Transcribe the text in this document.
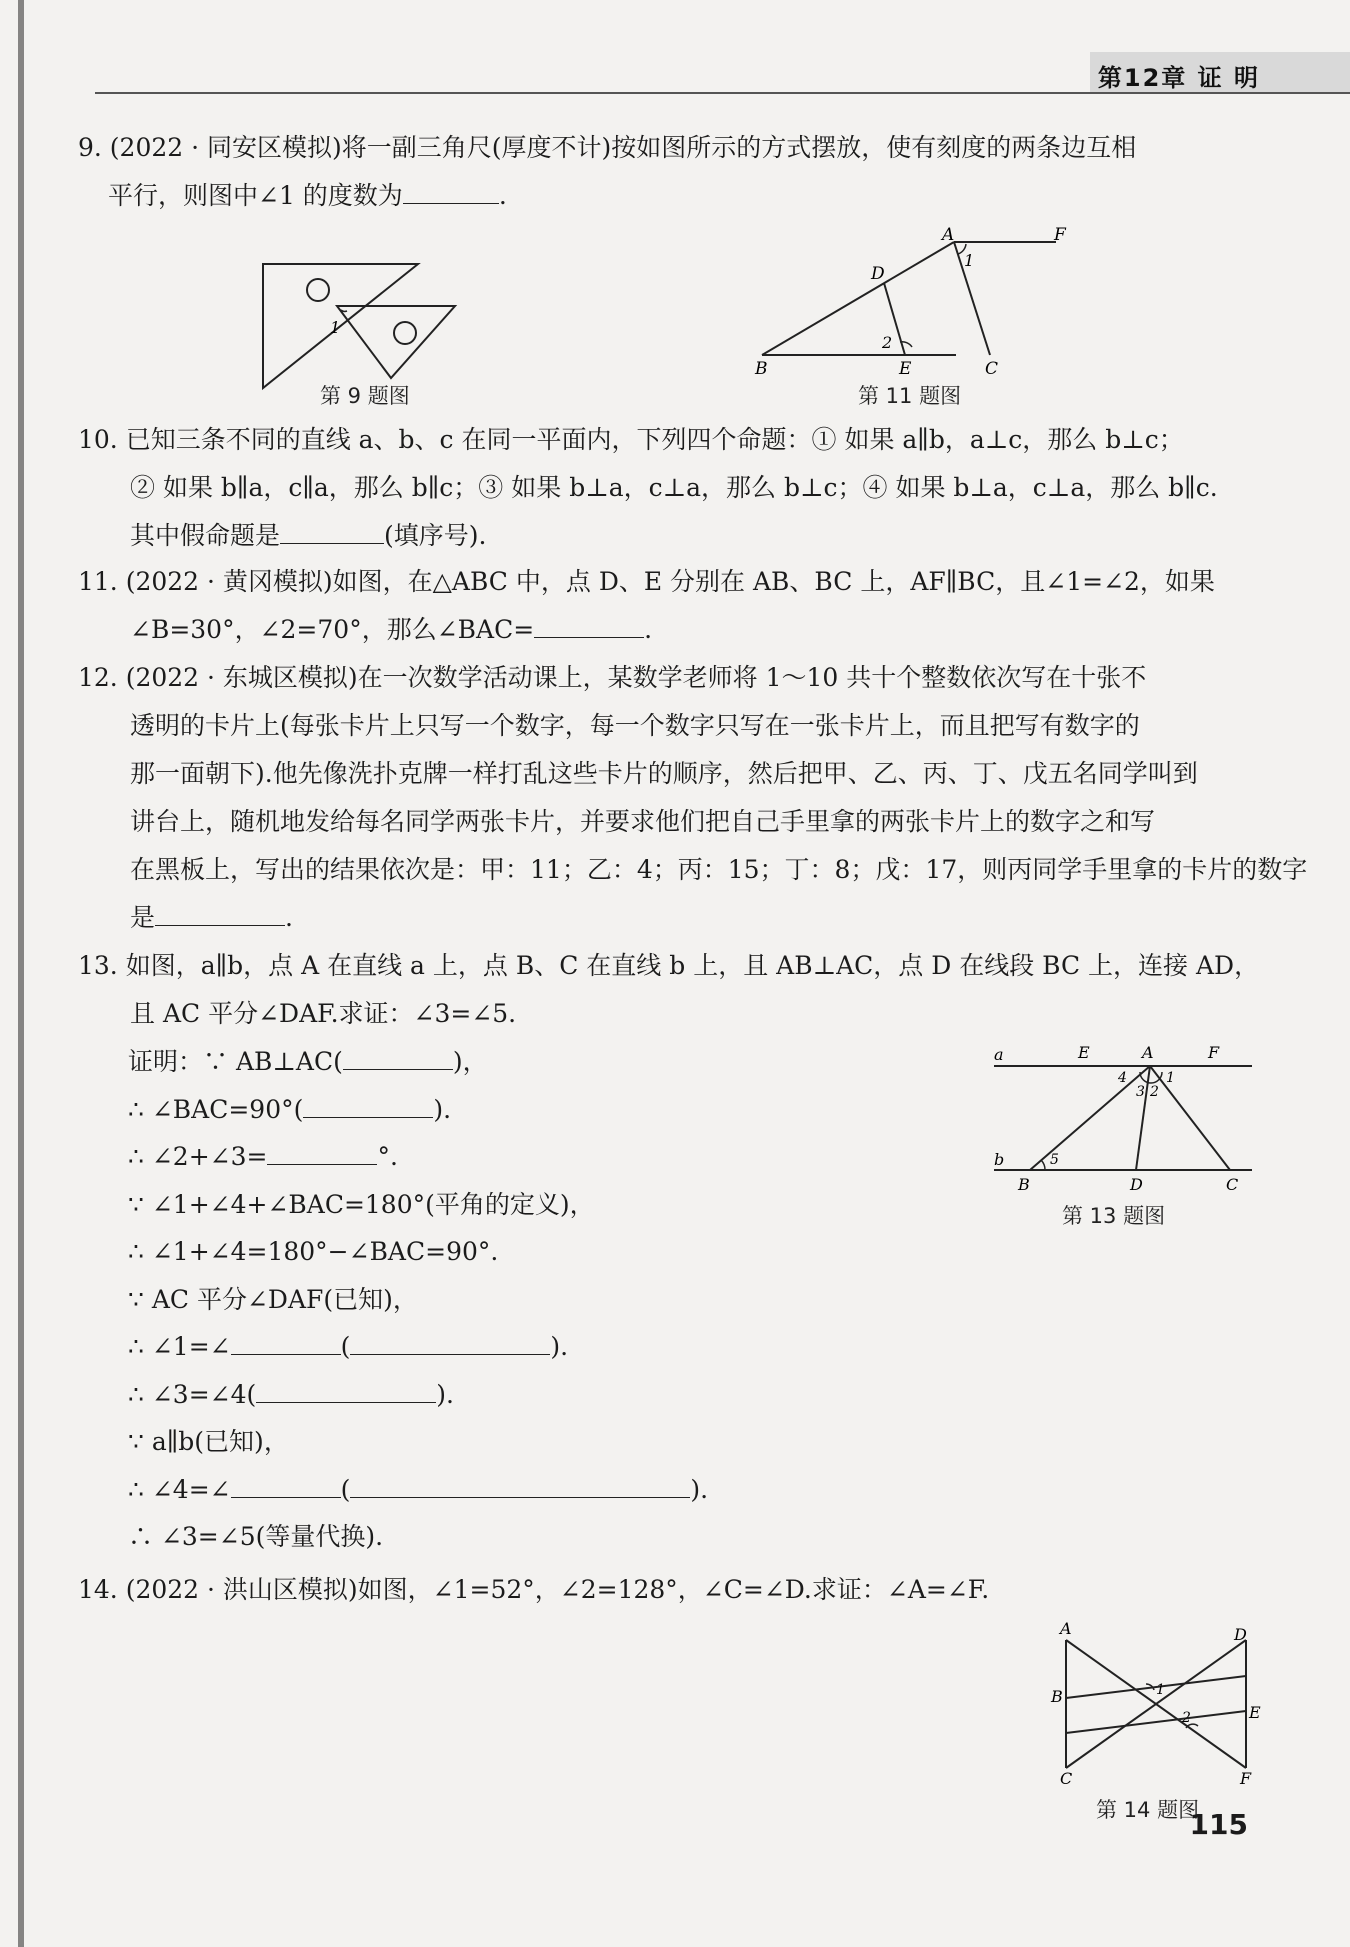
第12章 证 明
9. (2022 · 同安区模拟)将一副三角尺(厚度不计)按如图所示的方式摆放，使有刻度的两条边互相
平行，则图中∠1 的度数为	.
1
第 9 题图
A	F
D
B	E	C
1
2
第 11 题图
10. 已知三条不同的直线 a、b、c 在同一平面内，下列四个命题：① 如果 a∥b，a⊥c，那么 b⊥c；
② 如果 b∥a，c∥a，那么 b∥c；③ 如果 b⊥a，c⊥a，那么 b⊥c；④ 如果 b⊥a，c⊥a，那么 b∥c.
其中假命题是	(填序号).
11. (2022 · 黄冈模拟)如图，在△ABC 中，点 D、E 分别在 AB、BC 上，AF∥BC，且∠1=∠2，如果
∠B=30°，∠2=70°，那么∠BAC=	.
12. (2022 · 东城区模拟)在一次数学活动课上，某数学老师将 1～10 共十个整数依次写在十张不
透明的卡片上(每张卡片上只写一个数字，每一个数字只写在一张卡片上，而且把写有数字的
那一面朝下).他先像洗扑克牌一样打乱这些卡片的顺序，然后把甲、乙、丙、丁、戊五名同学叫到
讲台上，随机地发给每名同学两张卡片，并要求他们把自己手里拿的两张卡片上的数字之和写
在黑板上，写出的结果依次是：甲：11；乙：4；丙：15；丁：8；戊：17，则丙同学手里拿的卡片的数字
是	.
13. 如图，a∥b，点 A 在直线 a 上，点 B、C 在直线 b 上，且 AB⊥AC，点 D 在线段 BC 上，连接 AD，
且 AC 平分∠DAF.求证：∠3=∠5.
证明：∵ AB⊥AC(	)，
∴ ∠BAC=90°(	).
∴ ∠2+∠3=	°.
∵ ∠1+∠4+∠BAC=180°(平角的定义)，
∴ ∠1+∠4=180°−∠BAC=90°.
∵ AC 平分∠DAF(已知)，
∴ ∠1=∠	(	).
∴ ∠3=∠4(	).
∵ a∥b(已知)，
∴ ∠4=∠	(	).
∴ ∠3=∠5(等量代换).
a	E	A	F
b
B	D	C
4	1
3 2
5
第 13 题图
14. (2022 · 洪山区模拟)如图，∠1=52°，∠2=128°，∠C=∠D.求证：∠A=∠F.
A	D
B
E
C	F
1
2
第 14 题图
115
